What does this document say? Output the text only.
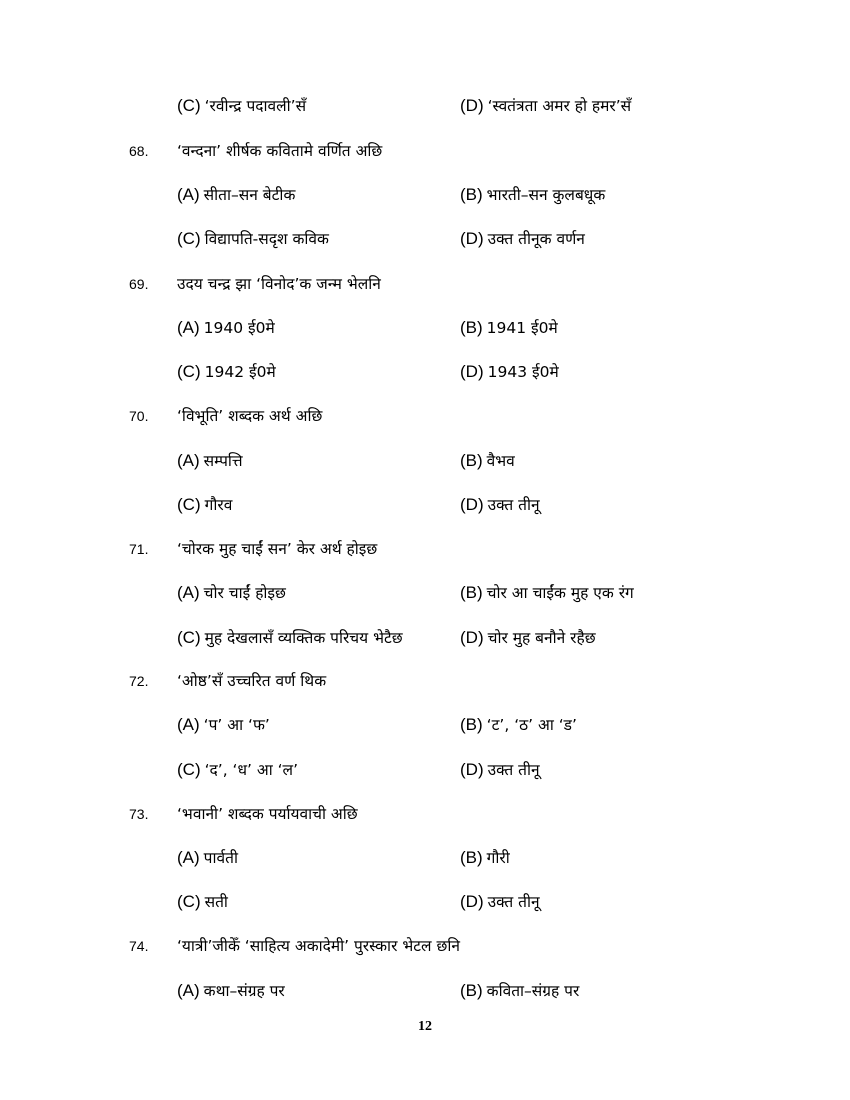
(C) ‘रवीन्द्र पदावली’सँ	(D) ‘स्वतंत्रता अमर हो हमर’सँ
68. ‘वन्दना’ शीर्षक कवितामे वर्णित अछि
(A) सीता–सन बेटीक	(B) भारती–सन कुलबधूक
(C) विद्यापति-सदृश कविक	(D) उक्त तीनूक वर्णन
69. उदय चन्द्र झा ‘विनोद’क जन्म भेलनि
(A) 1940 ई0मे	(B) 1941 ई0मे
(C) 1942 ई0मे	(D) 1943 ई0मे
70. ‘विभूति’ शब्दक अर्थ अछि
(A) सम्पत्ति	(B) वैभव
(C) गौरव	(D) उक्त तीनू
71. ‘चोरक मुह चाईं सन’ केर अर्थ होइछ
(A) चोर चाईं होइछ	(B) चोर आ चाईंक मुह एक रंग
(C) मुह देखलासँ व्यक्तिक परिचय भेटैछ	(D) चोर मुह बनौने रहैछ
72. ‘ओष्ठ’सँ उच्चरित वर्ण थिक
(A) ‘प’ आ ‘फ’	(B) ‘ट’, ‘ठ’ आ ‘ड’
(C) ‘द’, ‘ध’ आ ‘ल’	(D) उक्त तीनू
73. ‘भवानी’ शब्दक पर्यायवाची अछि
(A) पार्वती	(B) गौरी
(C) सती	(D) उक्त तीनू
74. ‘यात्री’जीकेँ ‘साहित्य अकादेमी’ पुरस्कार भेटल छनि
(A) कथा–संग्रह पर	(B) कविता–संग्रह पर
12
